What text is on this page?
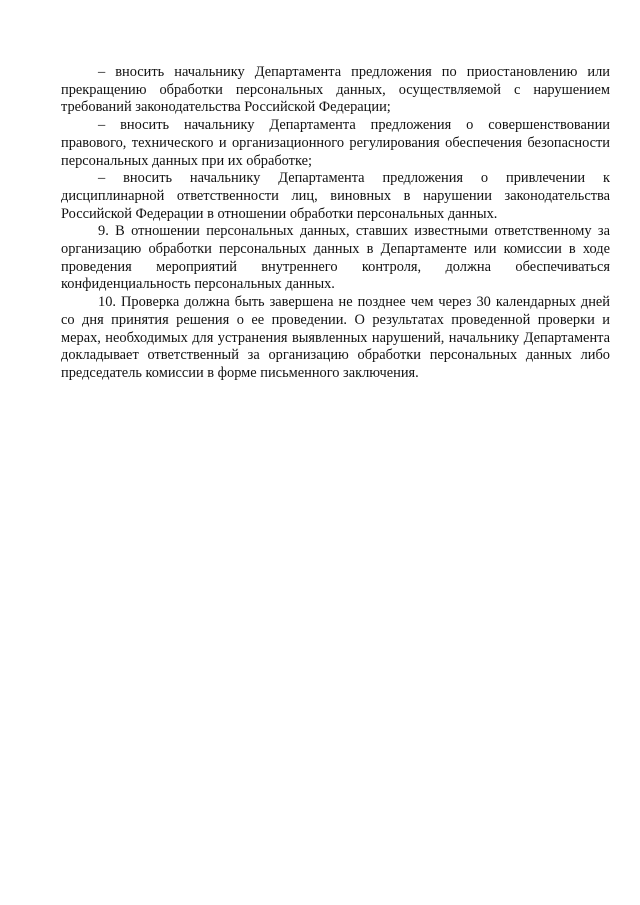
– вносить начальнику Департамента предложения по приостановлению или прекращению обработки персональных данных, осуществляемой с нарушением требований законодательства Российской Федерации;

– вносить начальнику Департамента предложения о совершенствовании правового, технического и организационного регулирования обеспечения безопасности персональных данных при их обработке;

– вносить начальнику Департамента предложения о привлечении к дисциплинарной ответственности лиц, виновных в нарушении законодательства Российской Федерации в отношении обработки персональных данных.

9. В отношении персональных данных, ставших известными ответственному за организацию обработки персональных данных в Департаменте или комиссии в ходе проведения мероприятий внутреннего контроля, должна обеспечиваться конфиденциальность персональных данных.

10. Проверка должна быть завершена не позднее чем через 30 календарных дней со дня принятия решения о ее проведении. О результатах проведенной проверки и мерах, необходимых для устранения выявленных нарушений, начальнику Департамента докладывает ответственный за организацию обработки персональных данных либо председатель комиссии в форме письменного заключения.
